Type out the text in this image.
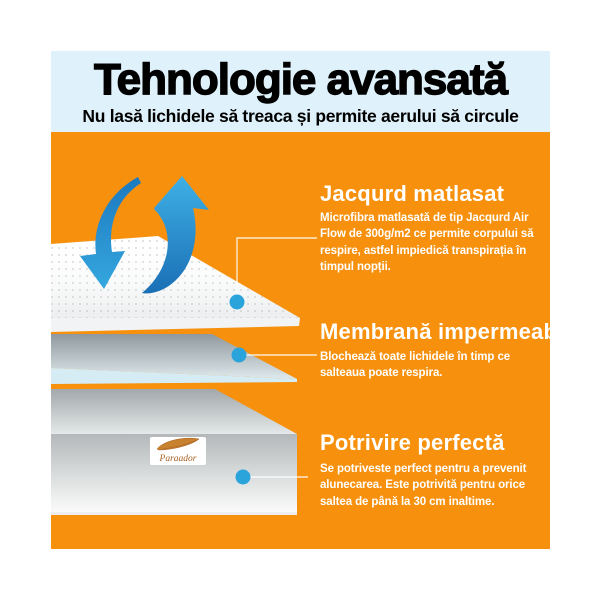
Tehnologie avansată
Nu lasă lichidele să treaca și permite aerului să circule
Paraador
Jacqurd matlasat
Microfibra matlasată de tip Jacqurd Air Flow de 300g/m2 ce permite corpului să respire, astfel impiedică transpirația în timpul nopții.
Membrană impermeabilă
Blochează toate lichidele în timp ce salteaua poate respira.
Potrivire perfectă
Se potriveste perfect pentru a prevenit alunecarea. Este potrivită pentru orice saltea de până la 30 cm inaltime.
